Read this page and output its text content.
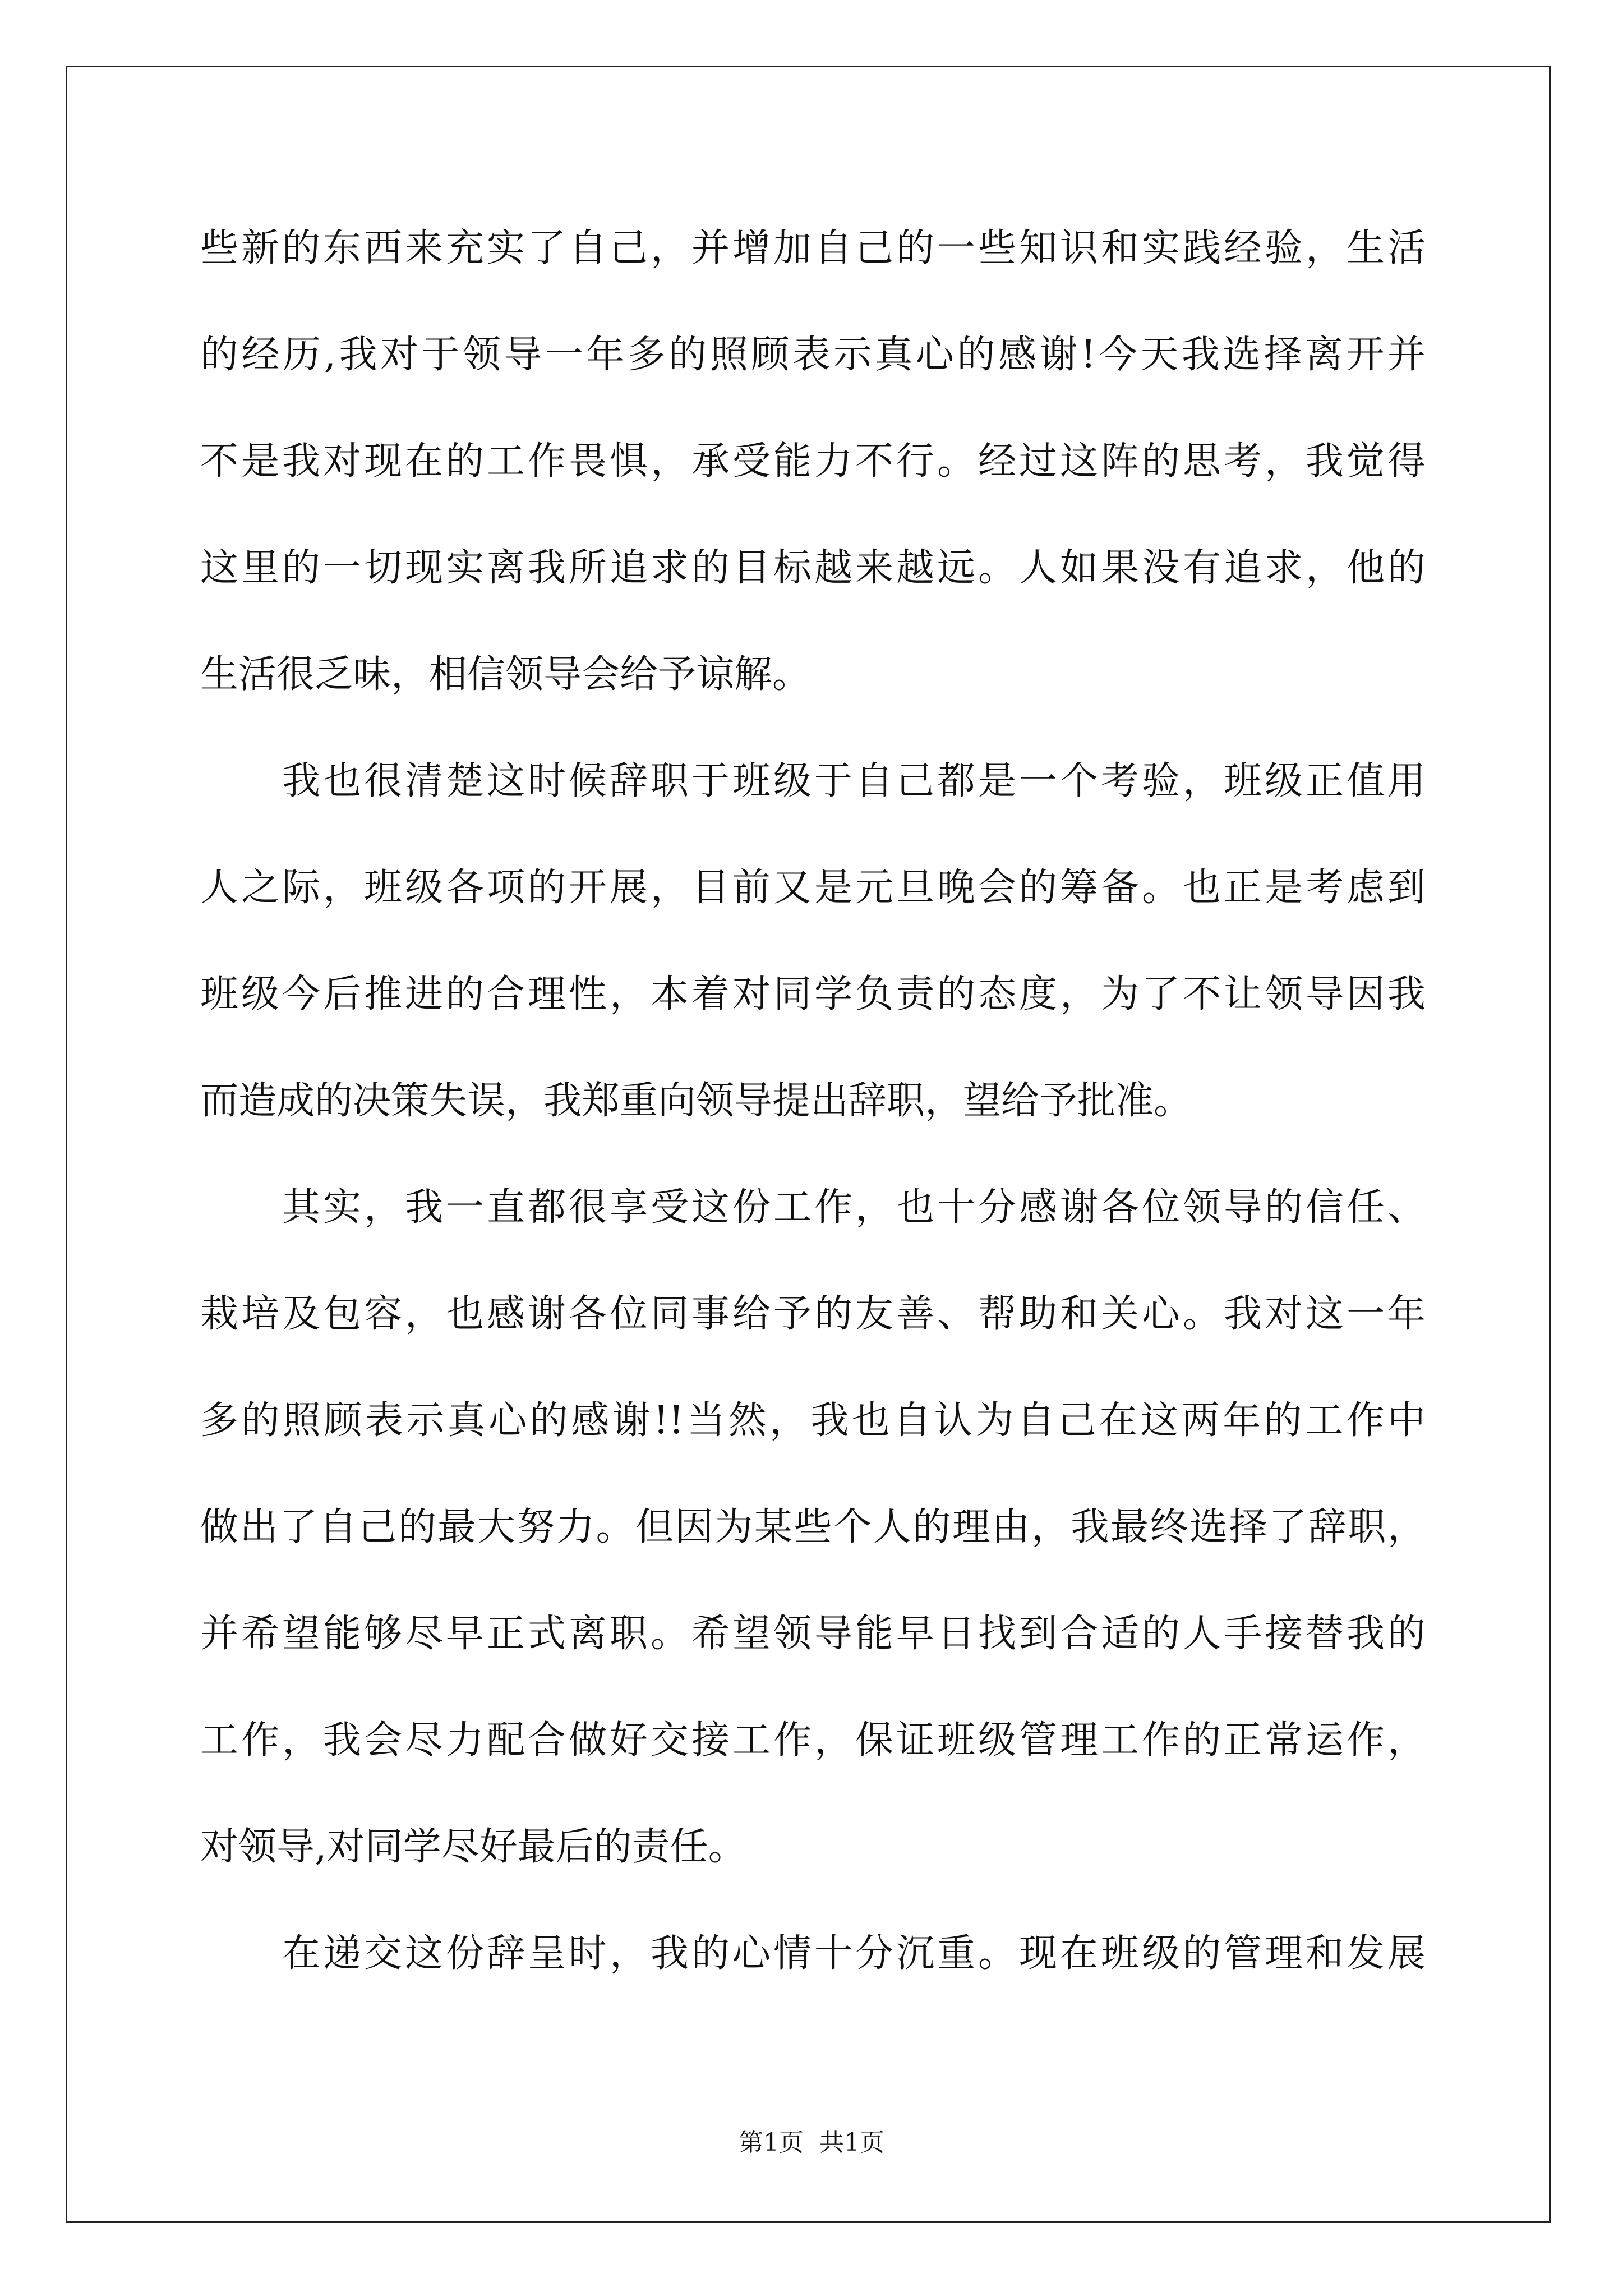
些新的东西来充实了自己，并增加自己的一些知识和实践经验，生活
的经历,我对于领导一年多的照顾表示真心的感谢!今天我选择离开并
不是我对现在的工作畏惧，承受能力不行。经过这阵的思考，我觉得
这里的一切现实离我所追求的目标越来越远。人如果没有追求，他的
生活很乏味，相信领导会给予谅解。
我也很清楚这时候辞职于班级于自己都是一个考验，班级正值用
人之际，班级各项的开展，目前又是元旦晚会的筹备。也正是考虑到
班级今后推进的合理性，本着对同学负责的态度，为了不让领导因我
而造成的决策失误，我郑重向领导提出辞职，望给予批准。
其实，我一直都很享受这份工作，也十分感谢各位领导的信任、
栽培及包容，也感谢各位同事给予的友善、帮助和关心。我对这一年
多的照顾表示真心的感谢!!当然，我也自认为自己在这两年的工作中
做出了自己的最大努力。但因为某些个人的理由，我最终选择了辞职，
并希望能够尽早正式离职。希望领导能早日找到合适的人手接替我的
工作，我会尽力配合做好交接工作，保证班级管理工作的正常运作，
对领导,对同学尽好最后的责任。
在递交这份辞呈时，我的心情十分沉重。现在班级的管理和发展
第1页  共1页
